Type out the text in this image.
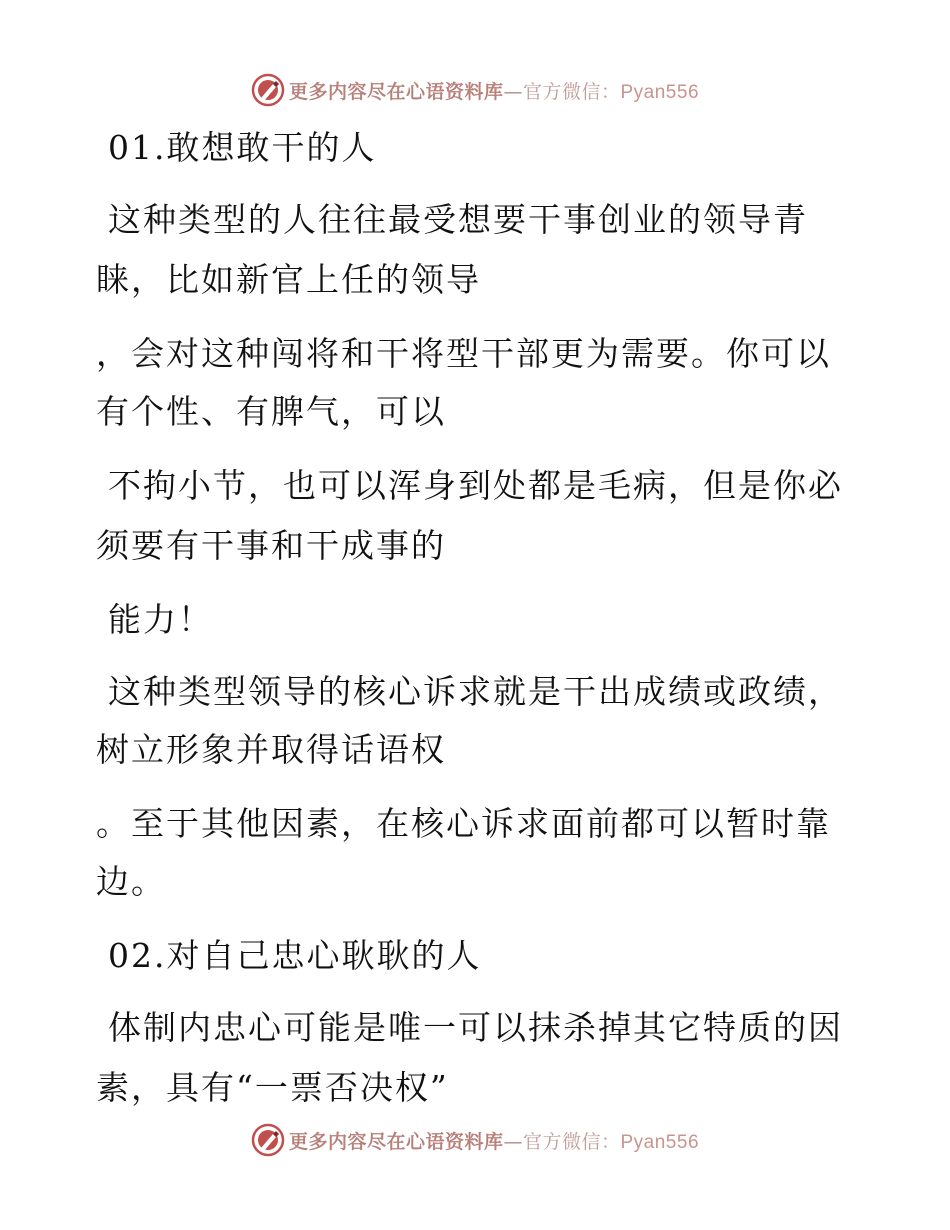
更多内容尽在心语资料库—官方微信：Pyan556
01.敢想敢干的人
这种类型的人往往最受想要干事创业的领导青
睐，比如新官上任的领导
，会对这种闯将和干将型干部更为需要。你可以
有个性、有脾气，可以
不拘小节，也可以浑身到处都是毛病，但是你必
须要有干事和干成事的
能力！
这种类型领导的核心诉求就是干出成绩或政绩，
树立形象并取得话语权
。至于其他因素，在核心诉求面前都可以暂时靠
边。
02.对自己忠心耿耿的人
体制内忠心可能是唯一可以抹杀掉其它特质的因
素，具有“一票否决权”
更多内容尽在心语资料库—官方微信：Pyan556
